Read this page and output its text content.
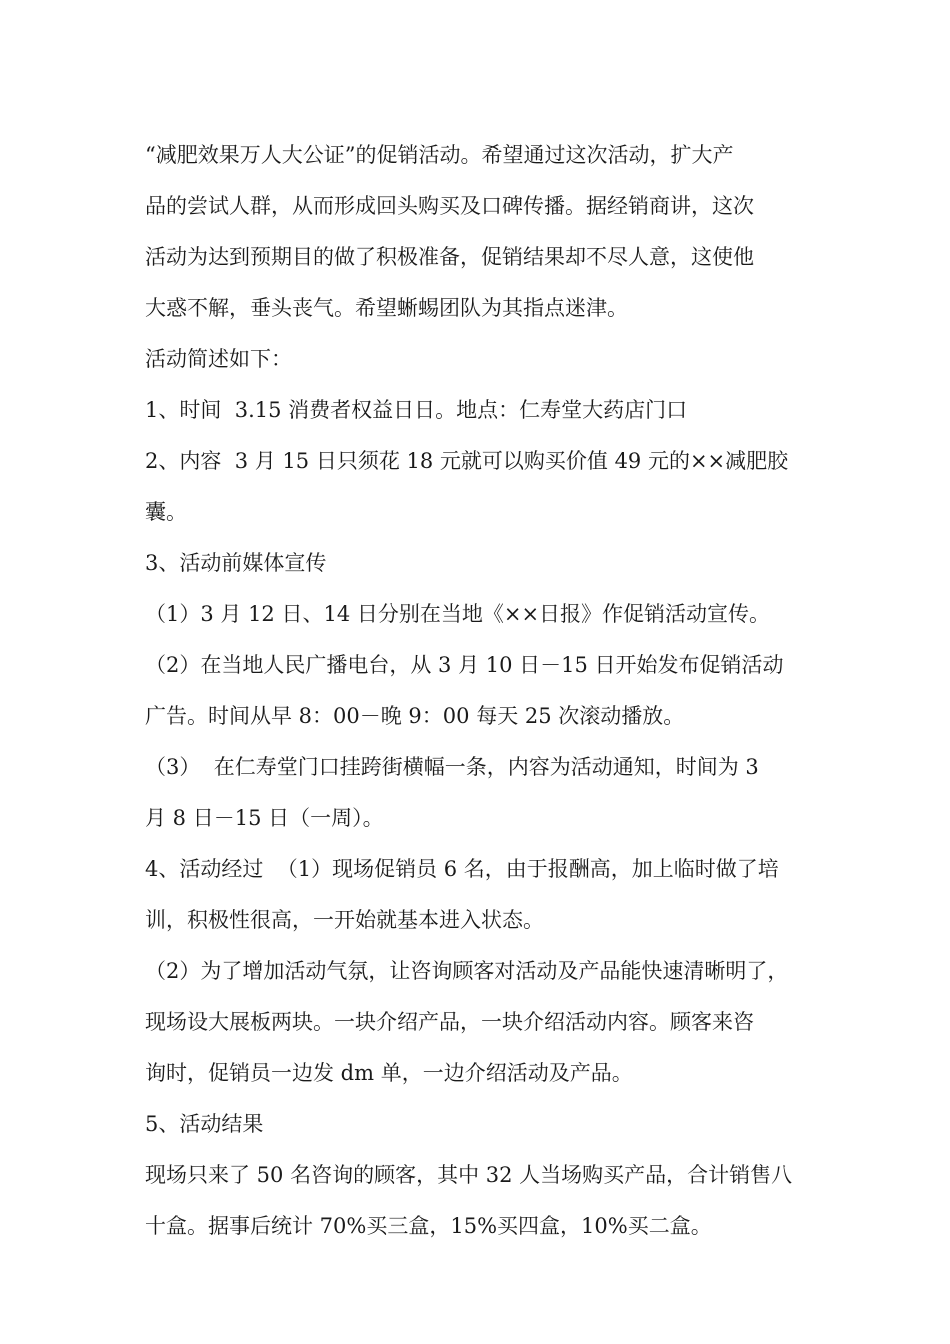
“减肥效果万人大公证”的促销活动。希望通过这次活动，扩大产
品的尝试人群，从而形成回头购买及口碑传播。据经销商讲，这次
活动为达到预期目的做了积极准备，促销结果却不尽人意，这使他
大惑不解，垂头丧气。希望蜥蜴团队为其指点迷津。
活动简述如下：
1、时间  3.15 消费者权益日日。地点：仁寿堂大药店门口
2、内容  3 月 15 日只须花 18 元就可以购买价值 49 元的××减肥胶
囊。
3、活动前媒体宣传
（1）3 月 12 日、14 日分别在当地《××日报》作促销活动宣传。
（2）在当地人民广播电台，从 3 月 10 日－15 日开始发布促销活动
广告。时间从早 8：00－晚 9：00 每天 25 次滚动播放。
（3）  在仁寿堂门口挂跨街横幅一条，内容为活动通知，时间为 3
月 8 日－15 日（一周）。
4、活动经过  （1）现场促销员 6 名，由于报酬高，加上临时做了培
训，积极性很高，一开始就基本进入状态。
（2）为了增加活动气氛，让咨询顾客对活动及产品能快速清晰明了，
现场设大展板两块。一块介绍产品，一块介绍活动内容。顾客来咨
询时，促销员一边发 dm 单，一边介绍活动及产品。
5、活动结果
现场只来了 50 名咨询的顾客，其中 32 人当场购买产品，合计销售八
十盒。据事后统计 70%买三盒，15%买四盒，10%买二盒。
